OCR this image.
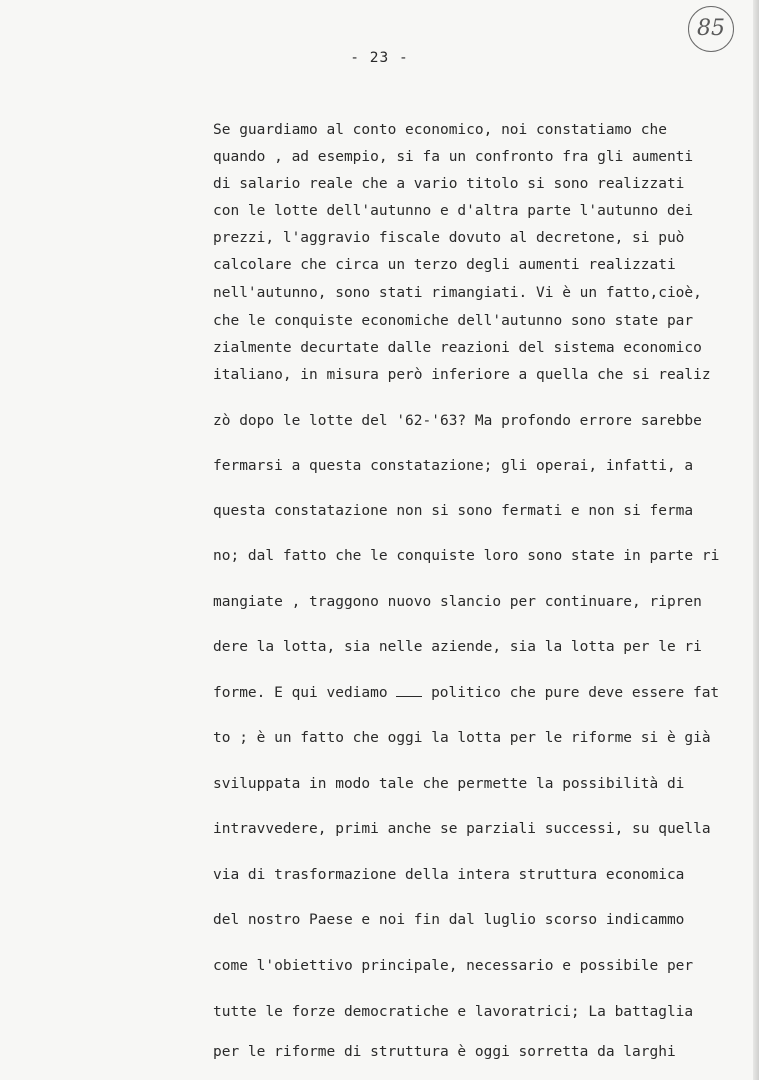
85
- 23 -
Se guardiamo al conto economico, noi constatiamo che
quando , ad esempio, si fa un confronto fra gli aumenti
di salario reale che a vario titolo si sono realizzati
con le lotte dell'autunno e d'altra parte l'autunno dei
prezzi, l'aggravio fiscale dovuto al decretone, si può
calcolare che circa un terzo degli aumenti realizzati
nell'autunno, sono stati rimangiati. Vi è un fatto,cioè,
che le conquiste economiche dell'autunno sono state par
zialmente decurtate dalle reazioni del sistema economico
italiano, in misura però inferiore a quella che si realiz
zò dopo le lotte del '62-'63? Ma profondo errore sarebbe
fermarsi a questa constatazione; gli operai, infatti, a
questa constatazione non si sono fermati e non si ferma
no; dal fatto che le conquiste loro sono state in parte ri
mangiate , traggono nuovo slancio per continuare, ripren
dere la lotta, sia nelle aziende, sia la lotta per le ri
forme. E qui vediamo	politico che pure deve essere fat
to ; è un fatto che oggi la lotta per le riforme si è già
sviluppata in modo tale che permette la possibilità di
intravvedere, primi anche se parziali successi, su quella
via di trasformazione della intera struttura economica
del nostro Paese e noi fin dal luglio scorso indicammo
come l'obiettivo principale, necessario e possibile per
tutte le forze democratiche e lavoratrici; La battaglia
per le riforme di struttura è oggi sorretta da larghi
